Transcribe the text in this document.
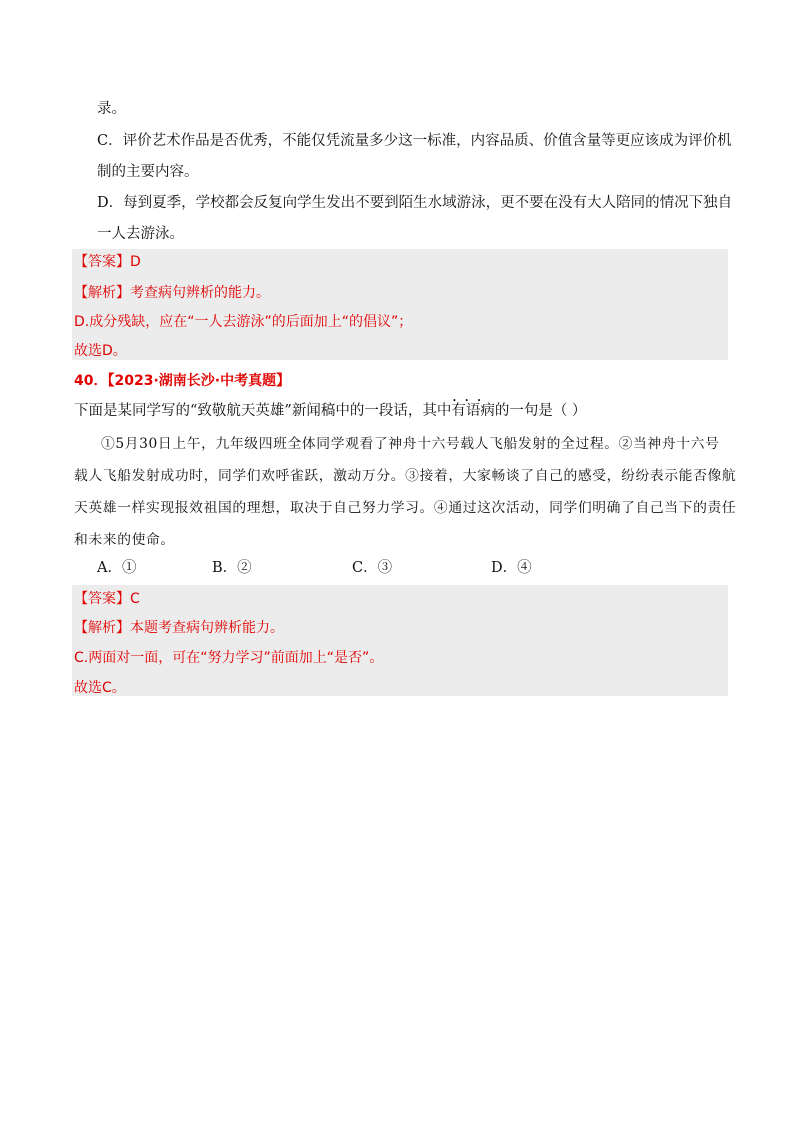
录。
C．评价艺术作品是否优秀，不能仅凭流量多少这一标准，内容品质、价值含量等更应该成为评价机
制的主要内容。
D．每到夏季，学校都会反复向学生发出不要到陌生水域游泳，更不要在没有大人陪同的情况下独自
一人去游泳。
【答案】D
【解析】考查病句辨析的能力。
D.成分残缺，应在“一人去游泳”的后面加上“的倡议”；
故选D。
40．【2023·湖南长沙·中考真题】
下面是某同学写的“致敬航天英雄”新闻稿中的一段话，其中有语病 • • •的一句是（ ）
①5月30日上午，九年级四班全体同学观看了神舟十六号载人飞船发射的全过程。②当神舟十六号
载人飞船发射成功时，同学们欢呼雀跃，激动万分。③接着，大家畅谈了自己的感受，纷纷表示能否像航
天英雄一样实现报效祖国的理想，取决于自己努力学习。④通过这次活动，同学们明确了自己当下的责任
和未来的使命。
A．①	B．②	C．③	D．④
【答案】C
【解析】本题考查病句辨析能力。
C.两面对一面，可在“努力学习”前面加上“是否”。
故选C。
